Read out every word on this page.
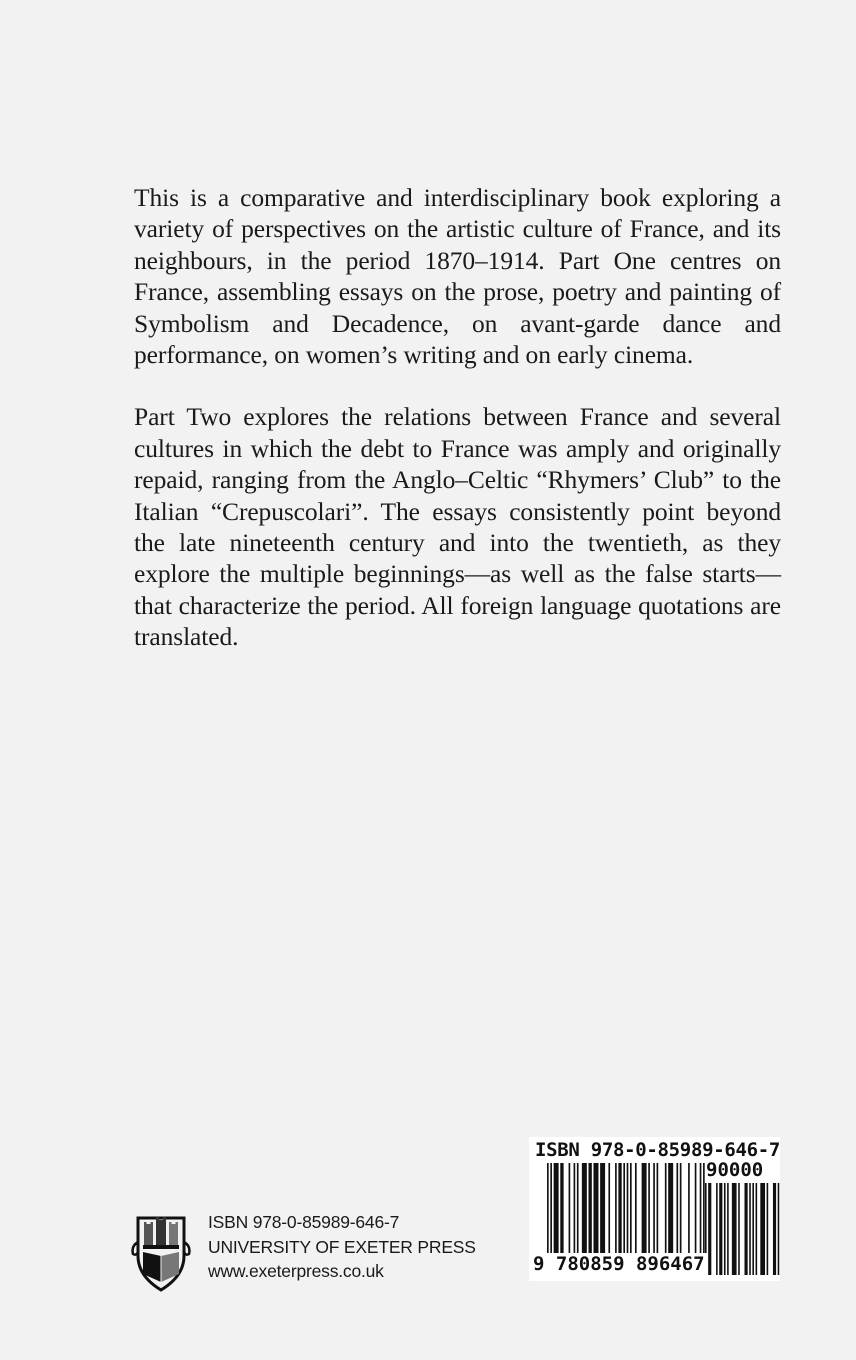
This is a comparative and interdisciplinary book exploring a variety of perspectives on the artistic culture of France, and its neighbours, in the period 1870–1914. Part One centres on France, assembling essays on the prose, poetry and painting of Symbolism and Decadence, on avant-garde dance and performance, on women’s writing and on early cinema.

Part Two explores the relations between France and several cultures in which the debt to France was amply and originally repaid, ranging from the Anglo–Celtic “Rhymers’ Club” to the Italian “Crepuscolari”. The essays consistently point beyond the late nineteenth century and into the twentieth, as they explore the multiple beginnings—as well as the false starts—that characterize the period. All foreign language quotations are translated.

ISBN 978-0-85989-646-7
UNIVERSITY OF EXETER PRESS
www.exeterpress.co.uk
ISBN 978-0-85989-646-7
90000
9 780859 896467
